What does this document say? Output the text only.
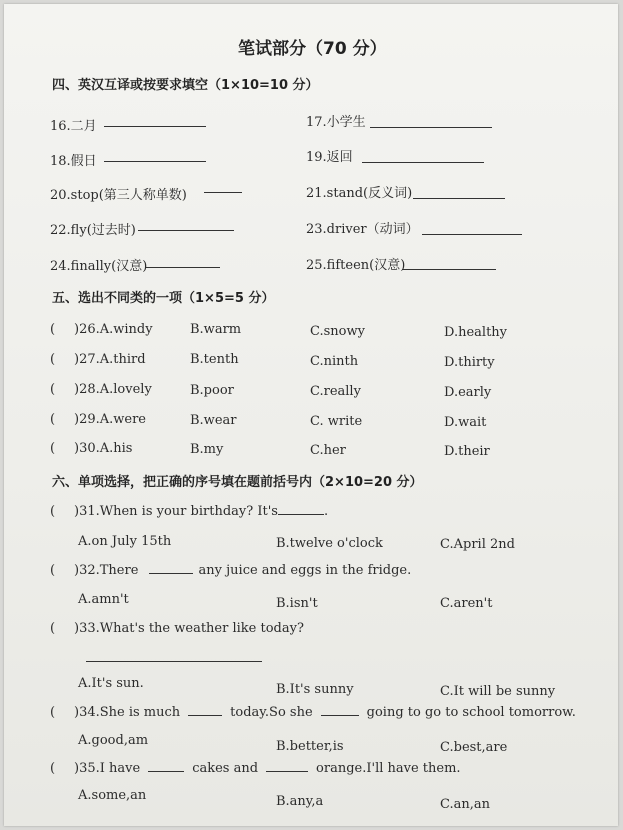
笔试部分（70 分）
四、英汉互译或按要求填空（1×10=10 分）
16.二月	17.小学生
18.假日	19.返回
20.stop(第三人称单数)	21.stand(反义词)
22.fly(过去时)	23.driver（动词）
24.finally(汉意)	25.fifteen(汉意)
五、选出不同类的一项（1×5=5 分）
( )26.A.windy	B.warm	C.snowy	D.healthy
( )27.A.third	B.tenth	C.ninth	D.thirty
( )28.A.lovely	B.poor	C.really	D.early
( )29.A.were	B.wear	C. write	D.wait
( )30.A.his	B.my	C.her	D.their
六、单项选择，把正确的序号填在题前括号内（2×10=20 分）
( )31.When is your birthday? It's	.
A.on July 15th	B.twelve o'clock	C.April 2nd
( )32.There	any juice and eggs in the fridge.
A.amn't	B.isn't	C.aren't
( )33.What's the weather like today?
A.It's sun.	B.It's sunny	C.It will be sunny
( )34.She is much	today.So she	going to go to school tomorrow.
A.good,am	B.better,is	C.best,are
( )35.I have	cakes and	orange.I'll have them.
A.some,an	B.any,a	C.an,an
